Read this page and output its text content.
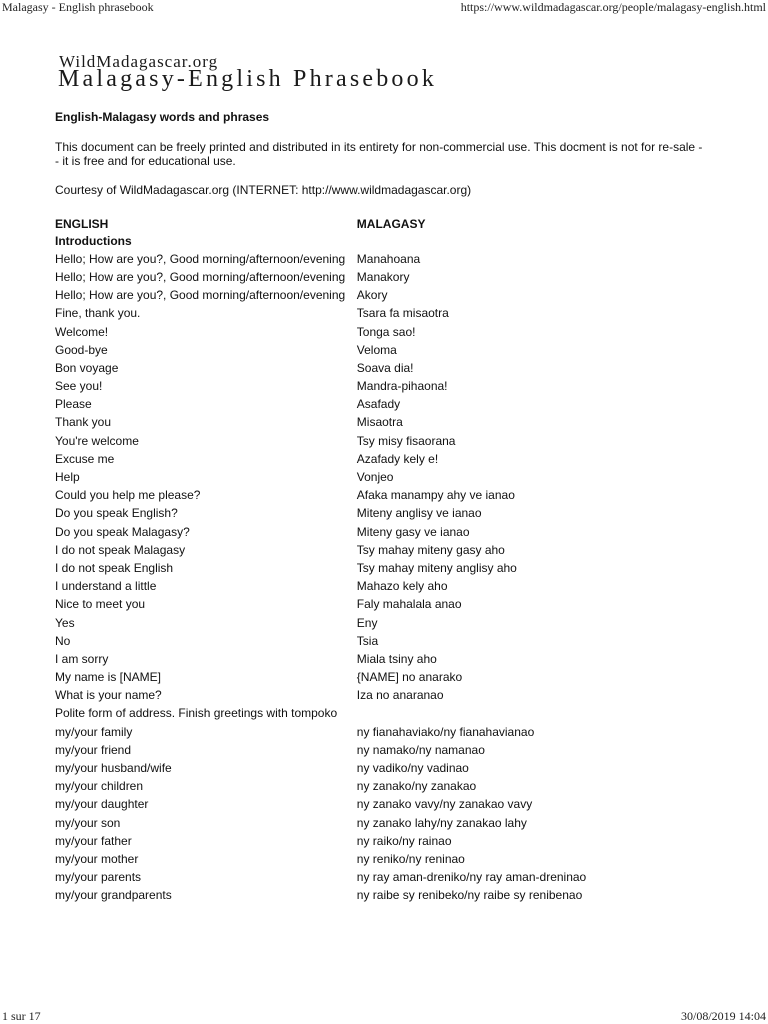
Malagasy - English phrasebook	https://www.wildmadagascar.org/people/malagasy-english.html
WildMadagascar.org
Malagasy-English Phrasebook

English-Malagasy words and phrases

This document can be freely printed and distributed in its entirety for non-commercial use. This docment is not for re-sale -- it is free and for educational use.

Courtesy of WildMadagascar.org (INTERNET: http://www.wildmadagascar.org)

ENGLISH	MALAGASY
Introductions	
Hello; How are you?, Good morning/afternoon/evening	Manahoana
Hello; How are you?, Good morning/afternoon/evening	Manakory
Hello; How are you?, Good morning/afternoon/evening	Akory
Fine, thank you.	Tsara fa misaotra
Welcome!	Tonga sao!
Good-bye	Veloma
Bon voyage	Soava dia!
See you!	Mandra-pihaona!
Please	Asafady
Thank you	Misaotra
You're welcome	Tsy misy fisaorana
Excuse me	Azafady kely e!
Help	Vonjeo
Could you help me please?	Afaka manampy ahy ve ianao
Do you speak English?	Miteny anglisy ve ianao
Do you speak Malagasy?	Miteny gasy ve ianao
I do not speak Malagasy	Tsy mahay miteny gasy aho
I do not speak English	Tsy mahay miteny anglisy aho
I understand a little	Mahazo kely aho
Nice to meet you	Faly mahalala anao
Yes	Eny
No	Tsia
I am sorry	Miala tsiny aho
My name is [NAME]	{NAME] no anarako
What is your name?	Iza no anaranao
Polite form of address. Finish greetings with tompoko	
my/your family	ny fianahaviako/ny fianahavianao
my/your friend	ny namako/ny namanao
my/your husband/wife	ny vadiko/ny vadinao
my/your children	ny zanako/ny zanakao
my/your daughter	ny zanako vavy/ny zanakao vavy
my/your son	ny zanako lahy/ny zanakao lahy
my/your father	ny raiko/ny rainao
my/your mother	ny reniko/ny reninao
my/your parents	ny ray aman-dreniko/ny ray aman-dreninao
my/your grandparents	ny raibe sy renibeko/ny raibe sy renibenao
1 sur 17	30/08/2019 14:04
